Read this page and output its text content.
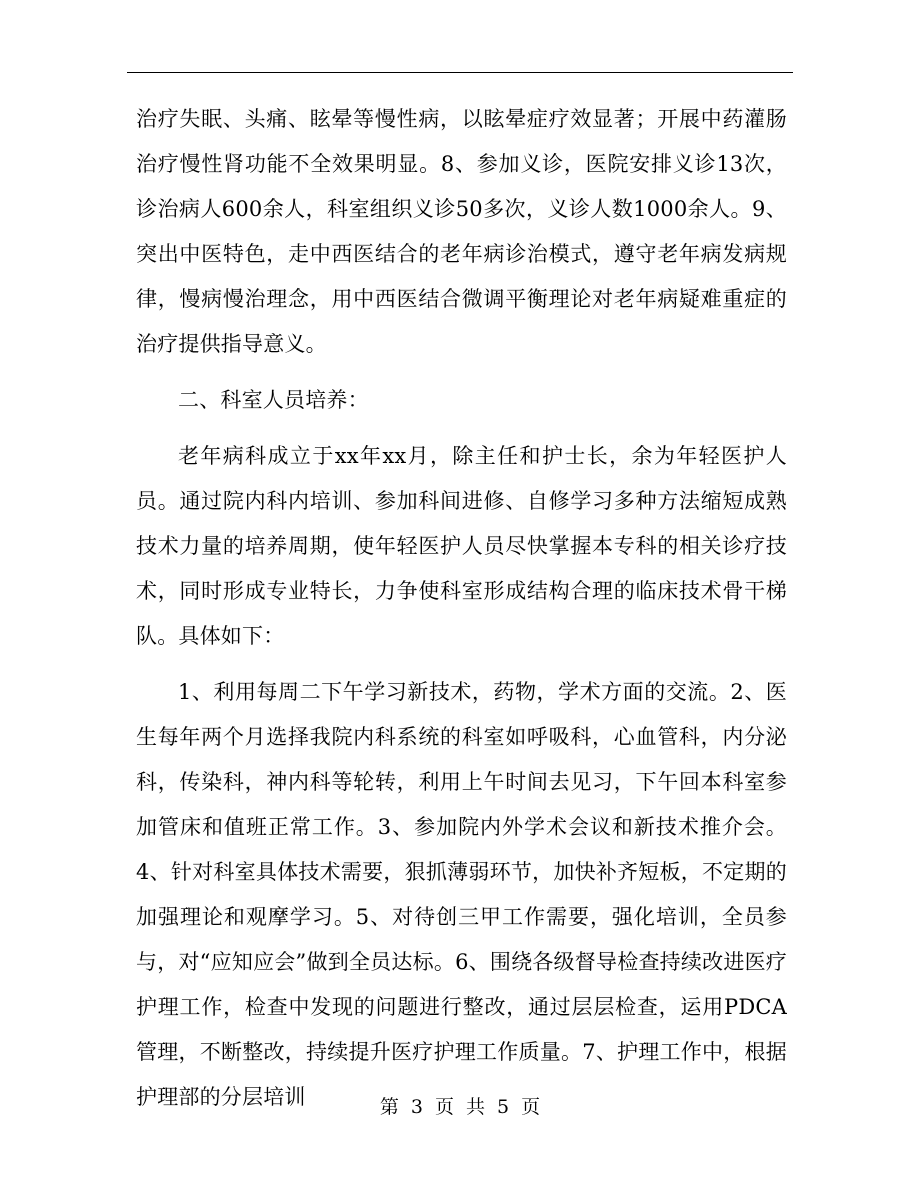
治疗失眠、头痛、眩晕等慢性病，以眩晕症疗效显著；开展中药灌肠治疗慢性肾功能不全效果明显。8、参加义诊，医院安排义诊13次，诊治病人600余人，科室组织义诊50多次，义诊人数1000余人。9、突出中医特色，走中西医结合的老年病诊治模式，遵守老年病发病规律，慢病慢治理念，用中西医结合微调平衡理论对老年病疑难重症的治疗提供指导意义。

二、科室人员培养：

老年病科成立于xx年xx月，除主任和护士长，余为年轻医护人员。通过院内科内培训、参加科间进修、自修学习多种方法缩短成熟技术力量的培养周期，使年轻医护人员尽快掌握本专科的相关诊疗技术，同时形成专业特长，力争使科室形成结构合理的临床技术骨干梯队。具体如下：

1、利用每周二下午学习新技术，药物，学术方面的交流。2、医生每年两个月选择我院内科系统的科室如呼吸科，心血管科，内分泌科，传染科，神内科等轮转，利用上午时间去见习，下午回本科室参加管床和值班正常工作。3、参加院内外学术会议和新技术推介会。4、针对科室具体技术需要，狠抓薄弱环节，加快补齐短板，不定期的加强理论和观摩学习。5、对待创三甲工作需要，强化培训，全员参与，对“应知应会”做到全员达标。6、围绕各级督导检查持续改进医疗护理工作，检查中发现的问题进行整改，通过层层检查，运用PDCA管理，不断整改，持续提升医疗护理工作质量。7、护理工作中，根据护理部的分层培训	第 3 页 共 5 页
